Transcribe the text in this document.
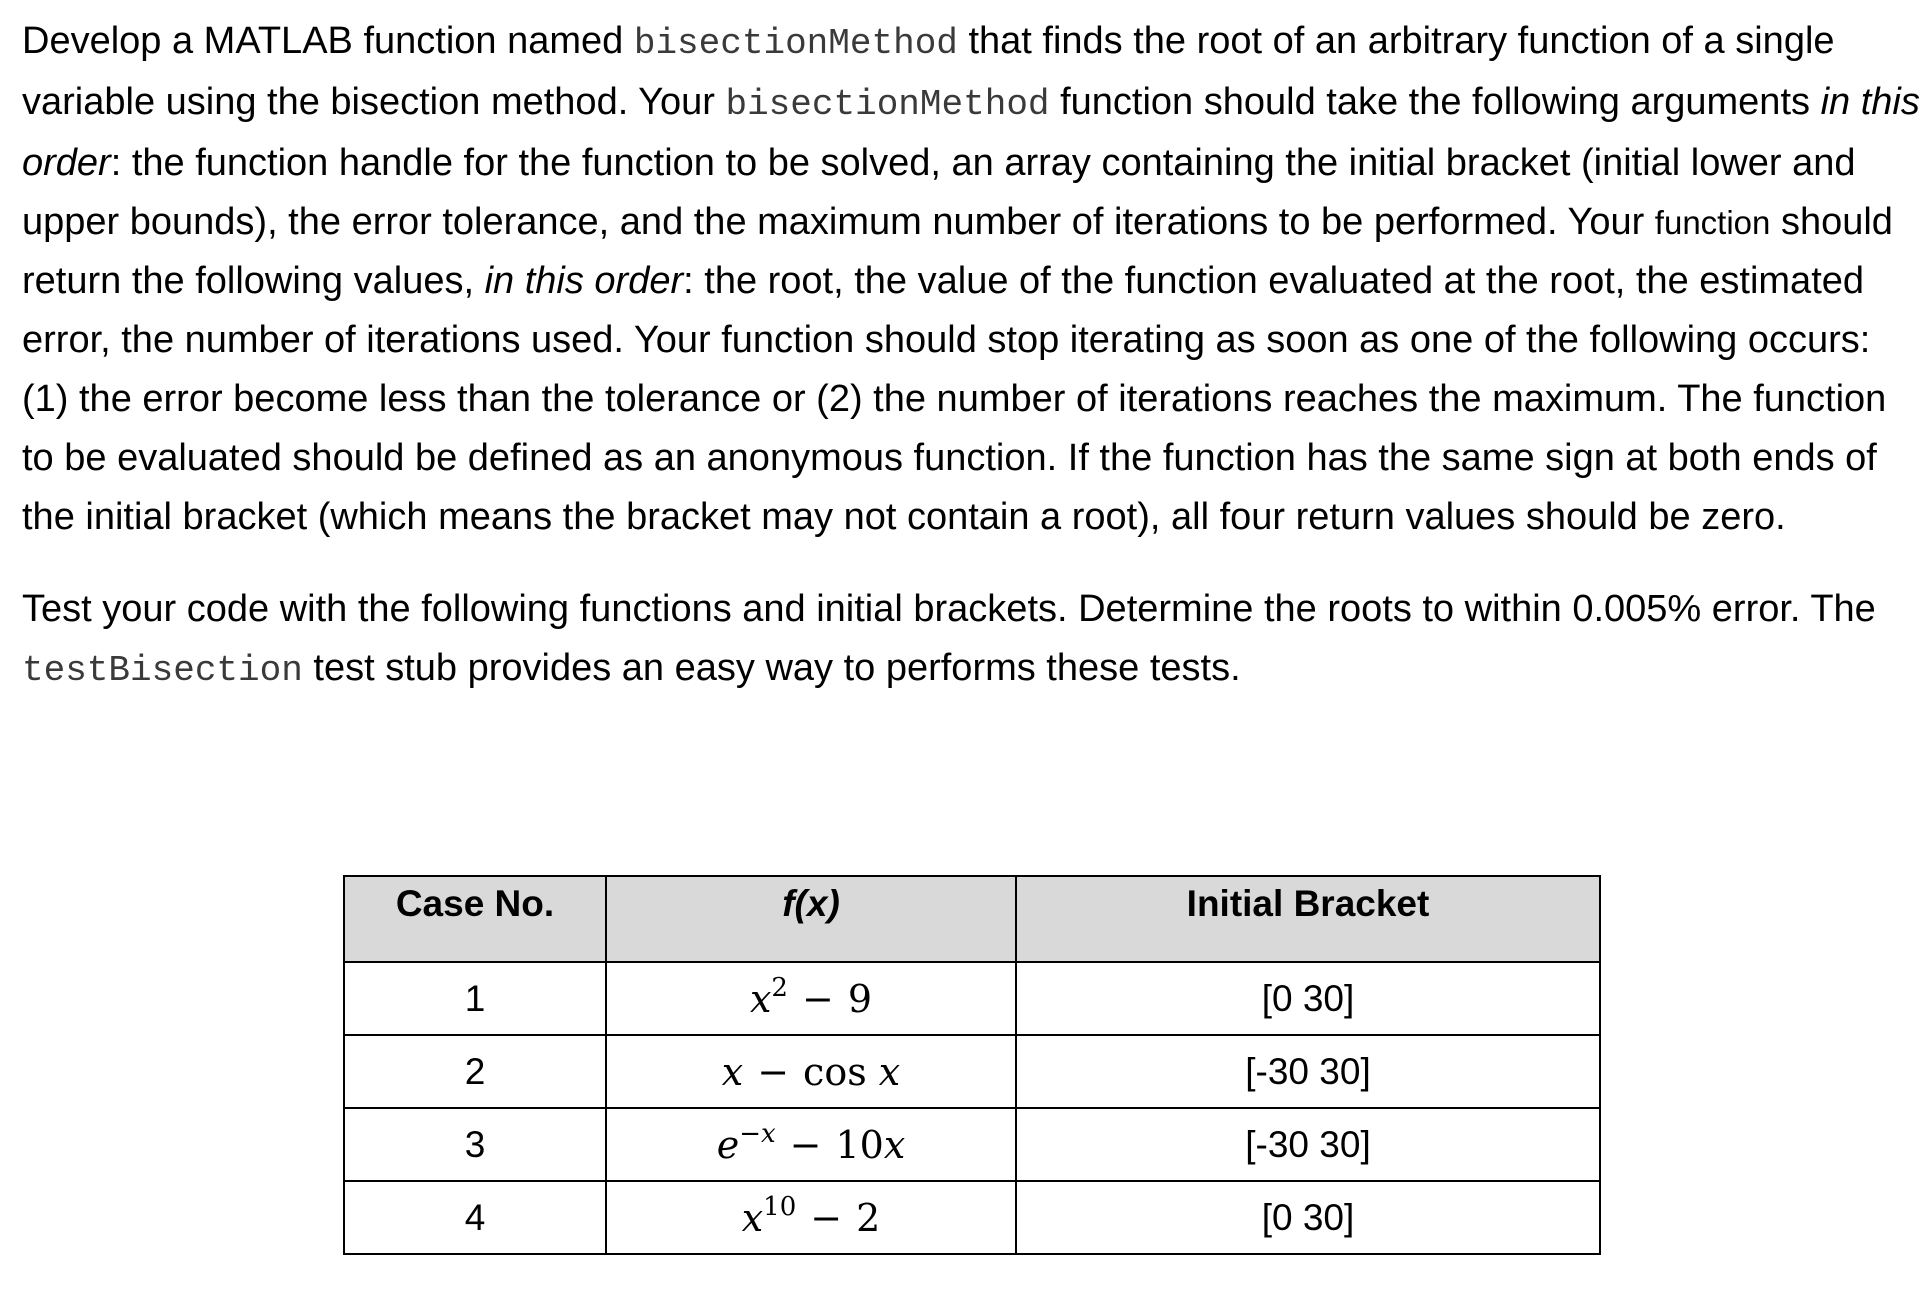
Develop a MATLAB function named bisectionMethod that finds the root of an arbitrary function of a single variable using the bisection method. Your bisectionMethod function should take the following arguments in this order: the function handle for the function to be solved, an array containing the initial bracket (initial lower and upper bounds), the error tolerance, and the maximum number of iterations to be performed. Your function should return the following values, in this order: the root, the value of the function evaluated at the root, the estimated error, the number of iterations used. Your function should stop iterating as soon as one of the following occurs: (1) the error become less than the tolerance or (2) the number of iterations reaches the maximum. The function to be evaluated should be defined as an anonymous function. If the function has the same sign at both ends of the initial bracket (which means the bracket may not contain a root), all four return values should be zero.

Test your code with the following functions and initial brackets. Determine the roots to within 0.005% error. The testBisection test stub provides an easy way to performs these tests.

Case No.	f(x)	Initial Bracket
1	$x^2 - 9$	[0 30]
2	x − cos x	[-30 30]
3	$e^{-x} - 10x$	[-30 30]
4	$x^{10} - 2$	[0 30]
